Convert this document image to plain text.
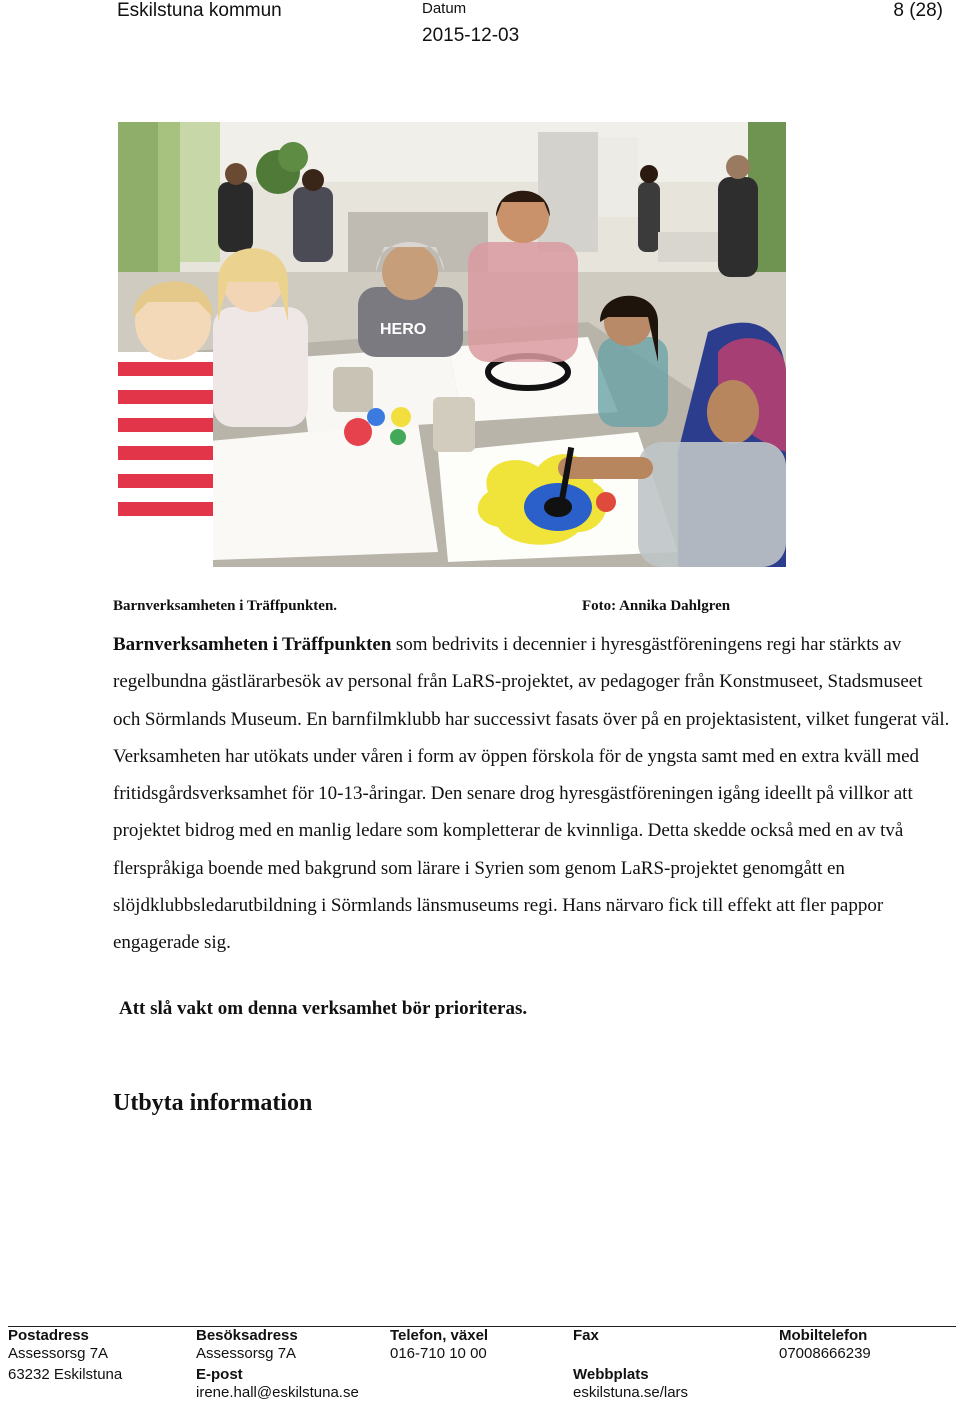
Eskilstuna kommun	Datum
2015-12-03
8 (28)
HERO
Barnverksamheten i Träffpunkten.	Foto: Annika Dahlgren
Barnverksamheten i Träffpunkten som bedrivits i decennier i hyresgästföreningens regi har stärkts av regelbundna gästlärarbesök av personal från LaRS-projektet, av pedagoger från Konstmuseet, Stadsmuseet och Sörmlands Museum. En barnfilmklubb har successivt fasats över på en projektasistent, vilket fungerat väl. Verksamheten har utökats under våren i form av öppen förskola för de yngsta samt med en extra kväll med fritidsgårdsverksamhet för 10-13-åringar. Den senare drog hyresgästföreningen igång ideellt på villkor att projektet bidrog med en manlig ledare som kompletterar de kvinnliga. Detta skedde också med en av två flerspråkiga boende med bakgrund som lärare i Syrien som genom LaRS-projektet genomgått en slöjdklubbsledarutbildning i Sörmlands länsmuseums regi. Hans närvaro fick till effekt att fler pappor engagerade sig.
Att slå vakt om denna verksamhet bör prioriteras.
Utbyta information
Postadress
Assessorsg 7A
63232 Eskilstuna
Besöksadress
Assessorsg 7A
E-post
irene.hall@eskilstuna.se
Telefon, växel
016-710 10 00
Fax

Webbplats
eskilstuna.se/lars
Mobiltelefon
07008666239
